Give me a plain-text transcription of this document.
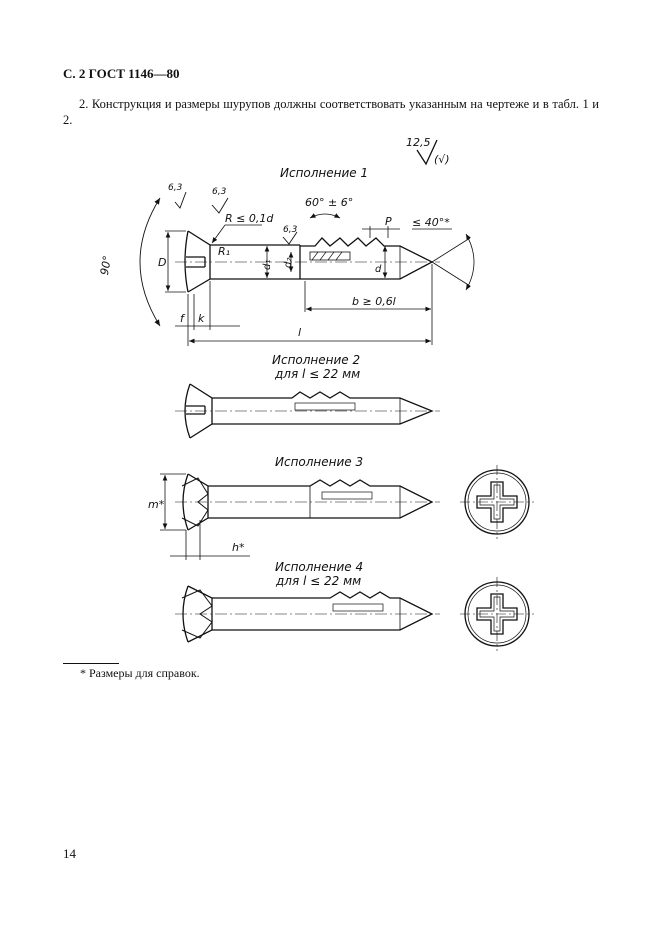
С. 2 ГОСТ 1146—80
2. Конструкция и размеры шурупов должны соответствовать указанным на чертеже и в табл. 1 и 2.
12,5
(√)
Исполнение 1
90°	D
6,3	6,3
6,3
R ≤ 0,1d
R₁
60° ± 6°
P ≤ 40°*
d₁ d₂
d
b ≥ 0,6l
f k
l
Исполнение 2
для l ≤ 22 мм
Исполнение 3
m*
h*
Исполнение 4
для l ≤ 22 мм
* Размеры для справок.
14
